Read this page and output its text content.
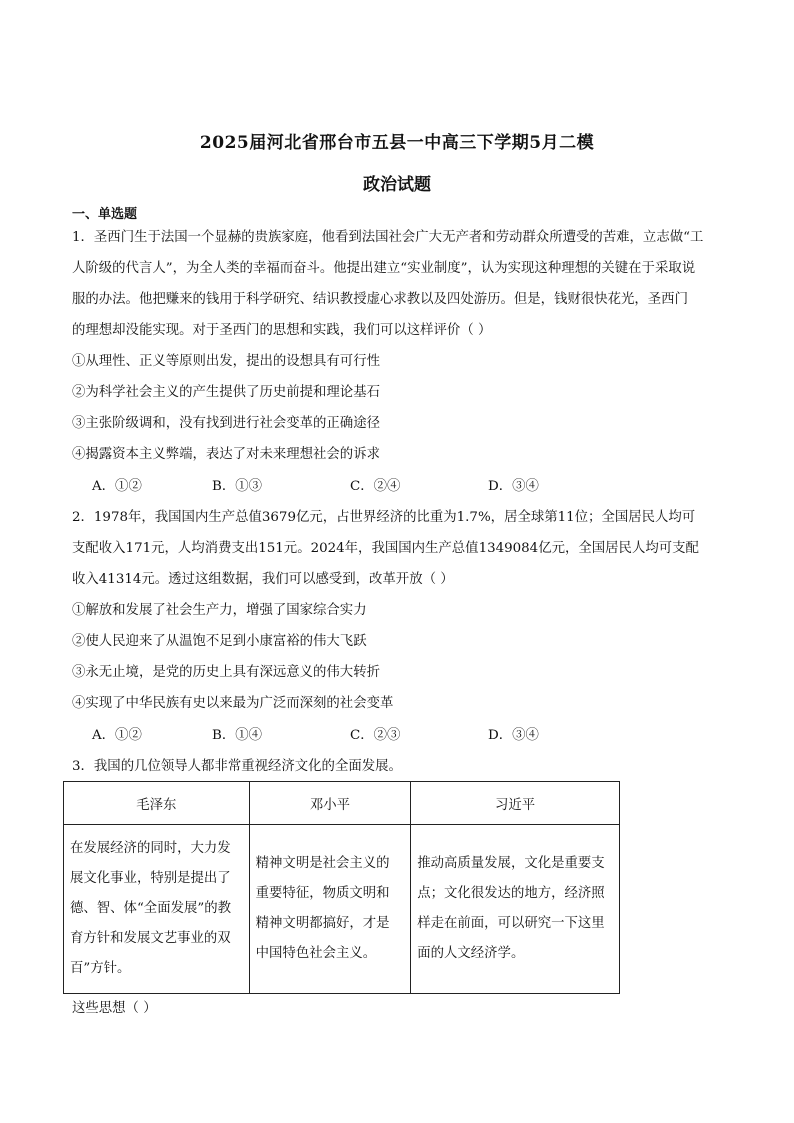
2025届河北省邢台市五县一中高三下学期5月二模
政治试题
一、单选题
1．圣西门生于法国一个显赫的贵族家庭，他看到法国社会广大无产者和劳动群众所遭受的苦难，立志做“工
人阶级的代言人”，为全人类的幸福而奋斗。他提出建立“实业制度”，认为实现这种理想的关键在于采取说
服的办法。他把赚来的钱用于科学研究、结识教授虚心求教以及四处游历。但是，钱财很快花光，圣西门
的理想却没能实现。对于圣西门的思想和实践，我们可以这样评价（ ）
①从理性、正义等原则出发，提出的设想具有可行性
②为科学社会主义的产生提供了历史前提和理论基石
③主张阶级调和，没有找到进行社会变革的正确途径
④揭露资本主义弊端，表达了对未来理想社会的诉求
A．①②	B．①③	C．②④	D．③④
2．1978年，我国国内生产总值3679亿元，占世界经济的比重为1.7%，居全球第11位；全国居民人均可
支配收入171元，人均消费支出151元。2024年，我国国内生产总值1349084亿元，全国居民人均可支配
收入41314元。透过这组数据，我们可以感受到，改革开放（ ）
①解放和发展了社会生产力，增强了国家综合实力
②使人民迎来了从温饱不足到小康富裕的伟大飞跃
③永无止境，是党的历史上具有深远意义的伟大转折
④实现了中华民族有史以来最为广泛而深刻的社会变革
A．①②	B．①④	C．②③	D．③④
3．我国的几位领导人都非常重视经济文化的全面发展。
毛泽东	邓小平	习近平

在发展经济的同时，大力发
展文化事业，特别是提出了
德、智、体“全面发展”的教
育方针和发展文艺事业的双
百”方针。	精神文明是社会主义的
重要特征，物质文明和
精神文明都搞好，才是
中国特色社会主义。	推动高质量发展，文化是重要支
点；文化很发达的地方，经济照
样走在前面，可以研究一下这里
面的人文经济学。
这些思想（ ）
